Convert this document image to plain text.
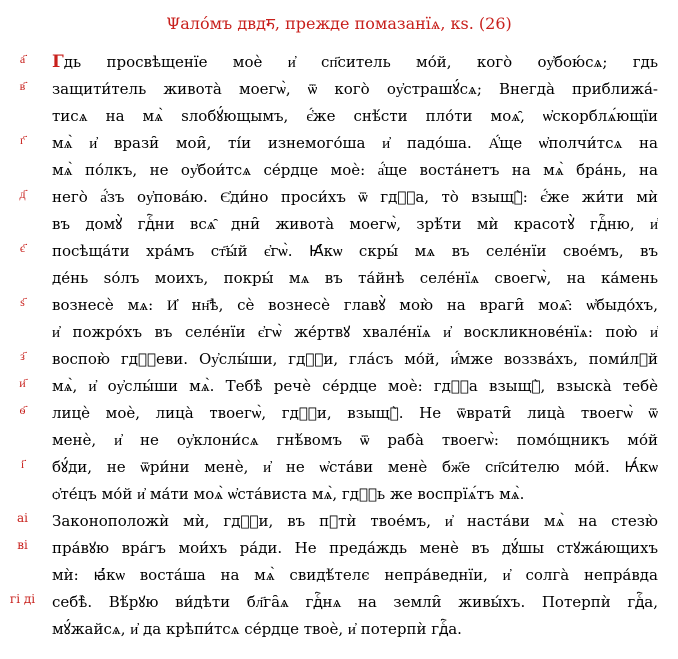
Ψалóмъ двдॸ, прежде помазанїѧ, кѕ. (26)
а҃
в҃
г҃
д҃
є҃
ѕ҃
з҃
и҃
ѳ҃
і҃
аі
ві
гі ді
Гдь просвѣщенїе моѐ и҆ сп҃ситель мо́й, кого̀ оу҆бою́сѧ; гдь
защити́тель живота̀ моегѡ̀, ѿ кого̀ оу҆страшꙋ́сѧ; Внегда̀ приближа́-
тисѧ на мѧ̀ ѕлобꙋ́ющымъ, є҆́же снѣ́сти пло́ти моѧ̑, ѡ҆скорблѧ́ющїи
мѧ̀ и҆ врази̑ мои̑, ті́и изнемого́ша и҆ падо́ша. А҆́ще ѡ҆полчи́тсѧ на
мѧ̀ по́лкъ, не оу҆бои́тсѧ се́рдце моѐ: а҆́ще воста́нетъ на мѧ̀ бра́нь, на
него̀ а҆́зъ оу҆пова́ю. Є҆ди́но проси́хъ ѿ гдⷭ҇а, то̀ взыщꙋ̀: є҆́же жи́ти мѝ
въ домꙋ̀ гдⷭ҇ни всѧ̑ дни̑ живота̀ моегѡ̀, зрѣ́ти мѝ красотꙋ̀ гдⷭ҇ню, и҆
посѣща́ти хра́мъ ст҃ы́й є҆гѡ̀. Ꙗ҆́кѡ скры́ мѧ въ селе́нїи свое́мъ, въ
де́нь ѕо́лъ моихъ, покры́ мѧ въ та́йнѣ селе́нїѧ своегѡ̀, на ка́мень
вознесѐ мѧ: И҆ нн҃ѣ, сѐ вознесѐ главꙋ̀ мою̀ на враги̑ моѧ̑: ѡ҆быдо́хъ,
и҆ пожро́хъ въ селе́нїи є҆гѡ̀ же́ртвꙋ хвале́нїѧ и҆ воскликнове́нїѧ: пою̀ и҆
воспою̀ гдⷭ҇еви. Оу҆слы́ши, гдⷭ҇и, гла́съ мо́й, и҆́мже воззва́хъ, поми́лꙋй
мѧ̀, и҆ оу҆слы́ши мѧ̀. Тебѣ̀ речѐ се́рдце моѐ: гдⷭ҇а взыщꙋ̀, взыска̀ тебѐ
лицѐ моѐ, лица̀ твоегѡ̀, гдⷭ҇и, взыщꙋ̀. Не ѿврати̑ лица̀ твоегѡ̀ ѿ
менѐ, и҆ не оу҆клони́сѧ гнѣ́вомъ ѿ раба̀ твоегѡ̀: помо́щникъ мо́й
бꙋ́ди, не ѿри́ни менѐ, и҆ не ѡ҆ста́ви менѐ бж҃е сп҃си́телю мо́й. Ꙗ҆́кѡ
ѻ҆те́цъ мо́й и҆ ма́ти моѧ̀ ѡ҆ста́виста мѧ̀, гдⷭ҇ь же воспрїѧ́тъ мѧ̀.
Законоположѝ мѝ, гдⷭ҇и, въ пꙋтѝ твое́мъ, и҆ наста́ви мѧ̀ на стезю̀
пра́вꙋю вра́гъ мои́хъ ра́ди. Не преда́ждь менѐ въ дꙋ́шы стꙋжа́ющихъ
мѝ: ꙗ҆́кѡ воста́ша на мѧ̀ свидѣ́телє непра́веднїи, и҆ солга̀ непра́вда
себѣ̀. Вѣ́рꙋю ви́дѣти бл҃га̑ѧ гдⷭ҇нѧ на земли̑ живы́хъ. Потерпѝ гдⷭ҇а,
мꙋ́жайсѧ, и҆ да крѣпи́тсѧ се́рдце твоѐ, и҆ потерпѝ гдⷭ҇а.
